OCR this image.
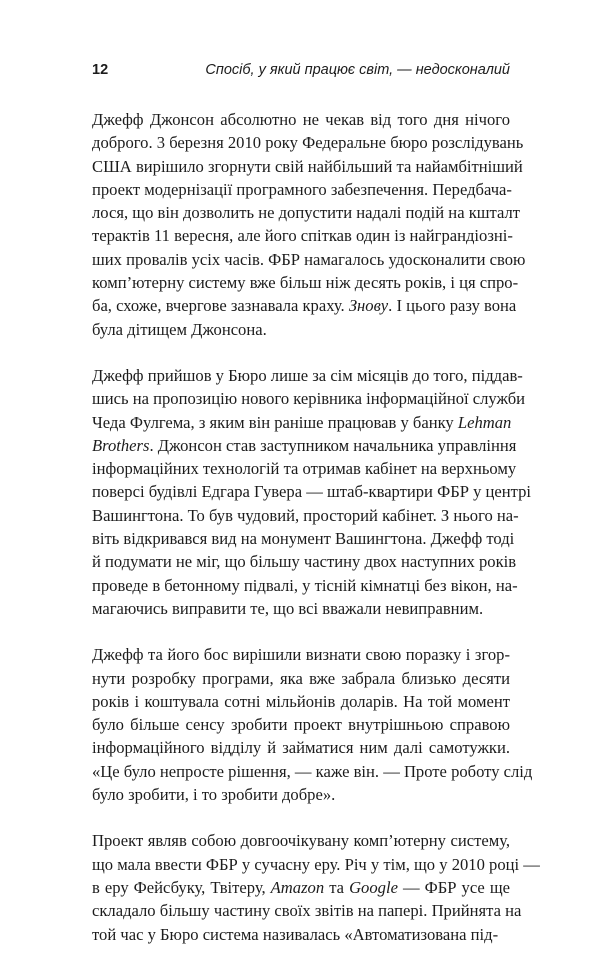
12	Спосіб, у який працює світ, — недосконалий
Джефф Джонсон абсолютно не чекав від того дня нічого
доброго. 3 березня 2010 року Федеральне бюро розслідувань
США вирішило згорнути свій найбільший та найамбітніший
проект модернізації програмного забезпечення. Передбача-
лося, що він дозволить не допустити надалі подій на кшталт
терактів 11 вересня, але його спіткав один із найграндіозні-
ших провалів усіх часів. ФБР намагалось удосконалити свою
комп’ютерну систему вже більш ніж десять років, і ця спро-
ба, схоже, вчергове зазнавала краху. Знову. І цього разу вона
була дітищем Джонсона.
Джефф прийшов у Бюро лише за сім місяців до того, піддав-
шись на пропозицію нового керівника інформаційної служби
Чеда Фулгема, з яким він раніше працював у банку Lehman
Brothers. Джонсон став заступником начальника управління
інформаційних технологій та отримав кабінет на верхньому
поверсі будівлі Едгара Гувера — штаб-квартири ФБР у центрі
Вашингтона. То був чудовий, просторий кабінет. З нього на-
віть відкривався вид на монумент Вашингтона. Джефф тоді
й подумати не міг, що більшу частину двох наступних років
проведе в бетонному підвалі, у тісній кімнатці без вікон, на-
магаючись виправити те, що всі вважали невиправним.
Джефф та його бос вирішили визнати свою поразку і згор-
нути розробку програми, яка вже забрала близько десяти
років і коштувала сотні мільйонів доларів. На той момент
було більше сенсу зробити проект внутрішньою справою
інформаційного відділу й займатися ним далі самотужки.
«Це було непросте рішення, — каже він. — Проте роботу слід
було зробити, і то зробити добре».
Проект являв собою довгоочікувану комп’ютерну систему,
що мала ввести ФБР у сучасну еру. Річ у тім, що у 2010 році —
в еру Фейсбуку, Твітеру, Amazon та Google — ФБР усе ще
складало більшу частину своїх звітів на папері. Прийнята на
той час у Бюро система називалась «Автоматизована під-
